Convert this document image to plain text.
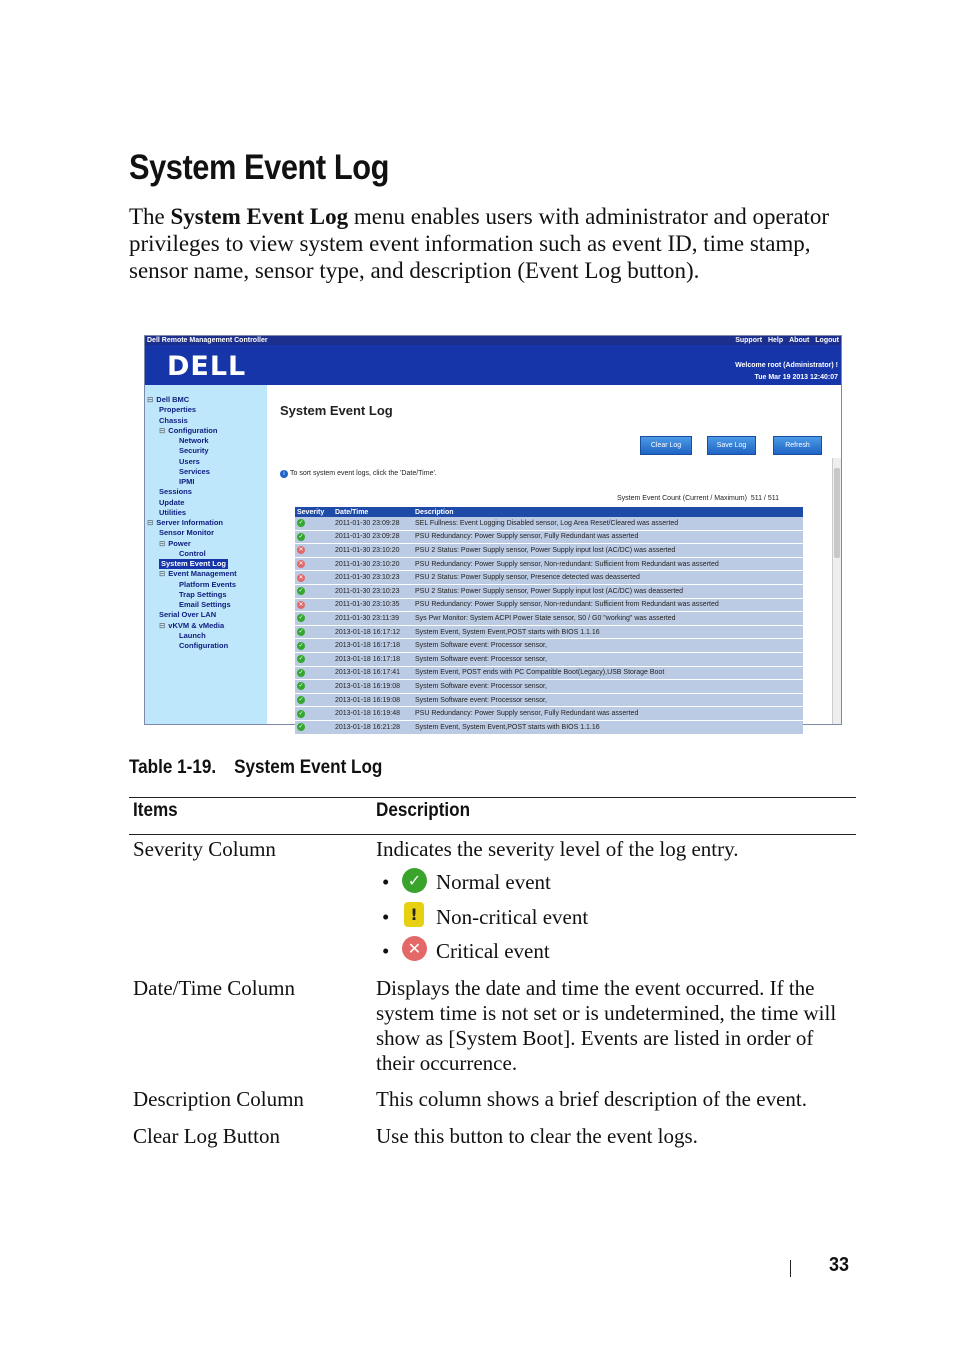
System Event Log

The System Event Log menu enables users with administrator and operator privileges to view system event information such as event ID, time stamp, sensor name, sensor type, and description (Event Log button).

Dell Remote Management Controller	Support Help About Logout
DELL	Welcome root (Administrator) !
Tue Mar 19 2013 12:40:07
⊟ Dell BMC
Properties
Chassis
⊟ Configuration
Network
Security
Users
Services
IPMI
Sessions
Update
Utilities
⊟ Server Information
Sensor Monitor
⊟ Power
Control
System Event Log
⊟ Event Management
Platform Events
Trap Settings
Email Settings
Serial Over LAN
⊟ vKVM & vMedia
Launch
Configuration
System Event Log
Clear Log	Save Log	Refresh
i To sort system event logs, click the 'Date/Time'.
System Event Count (Current / Maximum) 511 / 511
Severity	Date/Time	Description
✓	2011-01-30 23:09:28	SEL Fullness: Event Logging Disabled sensor, Log Area Reset/Cleared was asserted
✓	2011-01-30 23:09:28	PSU Redundancy: Power Supply sensor, Fully Redundant was asserted
✕	2011-01-30 23:10:20	PSU 2 Status: Power Supply sensor, Power Supply input lost (AC/DC) was asserted
✕	2011-01-30 23:10:20	PSU Redundancy: Power Supply sensor, Non-redundant: Sufficient from Redundant was asserted
✕	2011-01-30 23:10:23	PSU 2 Status: Power Supply sensor, Presence detected was deasserted
✓	2011-01-30 23:10:23	PSU 2 Status: Power Supply sensor, Power Supply input lost (AC/DC) was deasserted
✕	2011-01-30 23:10:35	PSU Redundancy: Power Supply sensor, Non-redundant: Sufficient from Redundant was asserted
✓	2011-01-30 23:11:39	Sys Pwr Monitor: System ACPI Power State sensor, S0 / G0 "working" was asserted
✓	2013-01-18 16:17:12	System Event, System Event,POST starts with BIOS 1.1.16
✓	2013-01-18 16:17:18	System Software event: Processor sensor,
✓	2013-01-18 16:17:18	System Software event: Processor sensor,
✓	2013-01-18 16:17:41	System Event, POST ends with PC Compatible Boot(Legacy),USB Storage Boot
✓	2013-01-18 16:19:08	System Software event: Processor sensor,
✓	2013-01-18 16:19:08	System Software event: Processor sensor,
✓	2013-01-18 16:19:48	PSU Redundancy: Power Supply sensor, Fully Redundant was asserted
✓	2013-01-18 16:21:28	System Event, System Event,POST starts with BIOS 1.1.16
Table 1-19. System Event Log
Items	Description
Severity Column	Indicates the severity level of the log entry.
•	✓ Normal event
•	! Non-critical event
•	✕ Critical event
Date/Time Column	Displays the date and time the event occurred. If the system time is not set or is undetermined, the time will show as [System Boot]. Events are listed in order of their occurrence.
Description Column	This column shows a brief description of the event.
Clear Log Button	Use this button to clear the event logs.
33
